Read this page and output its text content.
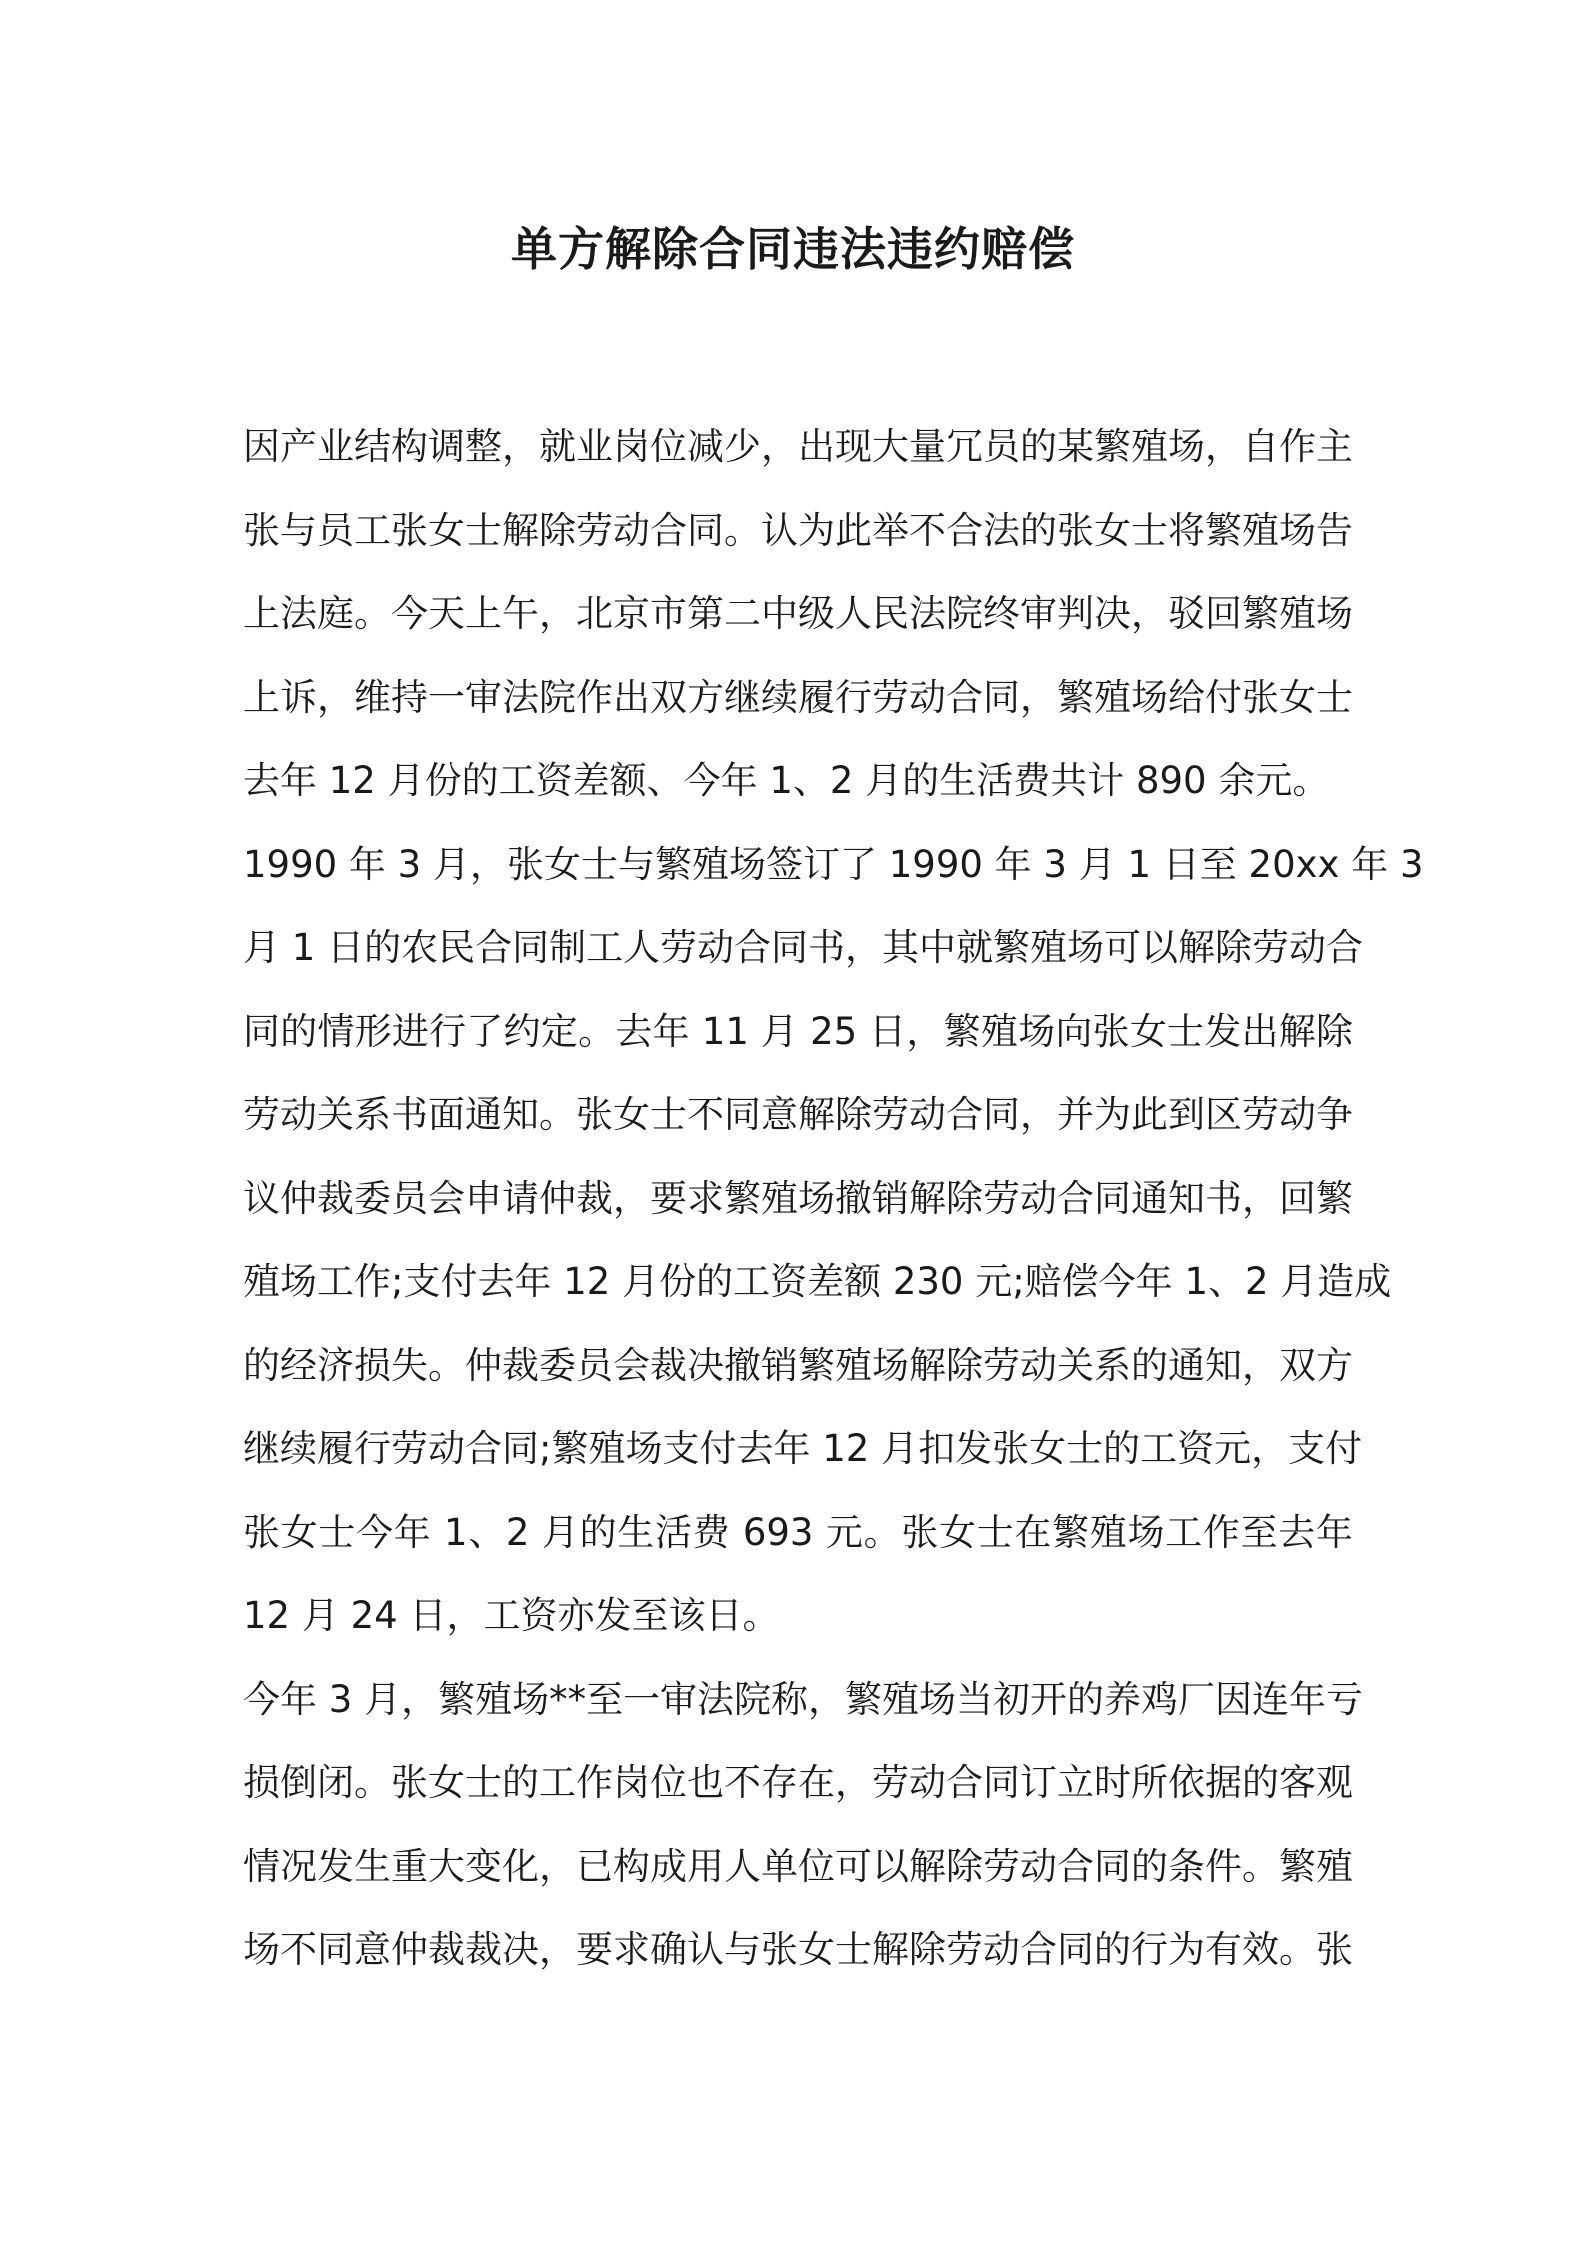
单方解除合同违法违约赔偿
因产业结构调整，就业岗位减少，出现大量冗员的某繁殖场，自作主
张与员工张女士解除劳动合同。认为此举不合法的张女士将繁殖场告
上法庭。今天上午，北京市第二中级人民法院终审判决，驳回繁殖场
上诉，维持一审法院作出双方继续履行劳动合同，繁殖场给付张女士
去年 12 月份的工资差额、今年 1、2 月的生活费共计 890 余元。
1990 年 3 月，张女士与繁殖场签订了 1990 年 3 月 1 日至 20xx 年 3
月 1 日的农民合同制工人劳动合同书，其中就繁殖场可以解除劳动合
同的情形进行了约定。去年 11 月 25 日，繁殖场向张女士发出解除
劳动关系书面通知。张女士不同意解除劳动合同，并为此到区劳动争
议仲裁委员会申请仲裁，要求繁殖场撤销解除劳动合同通知书，回繁
殖场工作;支付去年 12 月份的工资差额 230 元;赔偿今年 1、2 月造成
的经济损失。仲裁委员会裁决撤销繁殖场解除劳动关系的通知，双方
继续履行劳动合同;繁殖场支付去年 12 月扣发张女士的工资元，支付
张女士今年 1、2 月的生活费 693 元。张女士在繁殖场工作至去年
12 月 24 日，工资亦发至该日。
今年 3 月，繁殖场**至一审法院称，繁殖场当初开的养鸡厂因连年亏
损倒闭。张女士的工作岗位也不存在，劳动合同订立时所依据的客观
情况发生重大变化，已构成用人单位可以解除劳动合同的条件。繁殖
场不同意仲裁裁决，要求确认与张女士解除劳动合同的行为有效。张
